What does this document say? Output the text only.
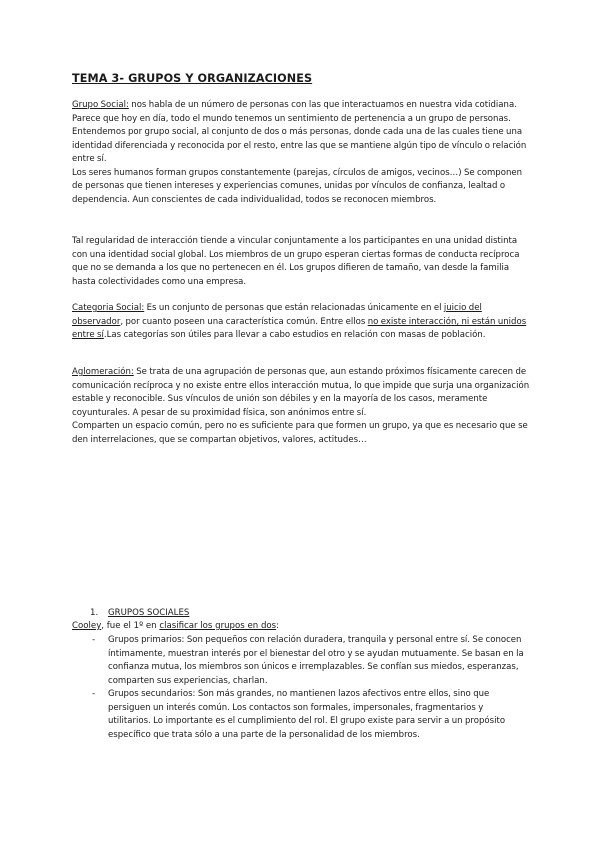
TEMA 3- GRUPOS Y ORGANIZACIONES

Grupo Social: nos habla de un número de personas con las que interactuamos en nuestra vida cotidiana. Parece que hoy en día, todo el mundo tenemos un sentimiento de pertenencia a un grupo de personas. Entendemos por grupo social, al conjunto de dos o más personas, donde cada una de las cuales tiene una identidad diferenciada y reconocida por el resto, entre las que se mantiene algún tipo de vínculo o relación entre sí.
Los seres humanos forman grupos constantemente (parejas, círculos de amigos, vecinos…) Se componen de personas que tienen intereses y experiencias comunes, unidas por vínculos de confianza, lealtad o dependencia. Aun conscientes de cada individualidad, todos se reconocen miembros.

Tal regularidad de interacción tiende a vincular conjuntamente a los participantes en una unidad distinta con una identidad social global. Los miembros de un grupo esperan ciertas formas de conducta recíproca que no se demanda a los que no pertenecen en él. Los grupos difieren de tamaño, van desde la familia hasta colectividades como una empresa.

Categoria Social: Es un conjunto de personas que están relacionadas únicamente en el juicio del observador, por cuanto poseen una característica común. Entre ellos no existe interacción, ni están unidos entre sí.Las categorías son útiles para llevar a cabo estudios en relación con masas de población.

Aglomeración: Se trata de una agrupación de personas que, aun estando próximos físicamente carecen de comunicación recíproca y no existe entre ellos interacción mutua, lo que impide que surja una organización estable y reconocible. Sus vínculos de unión son débiles y en la mayoría de los casos, meramente coyunturales. A pesar de su proximidad física, son anónimos entre sí.
Comparten un espacio común, pero no es suficiente para que formen un grupo, ya que es necesario que se den interrelaciones, que se compartan objetivos, valores, actitudes…

1. GRUPOS SOCIALES

Cooley, fue el 1º en clasificar los grupos en dos:

- Grupos primarios: Son pequeños con relación duradera, tranquila y personal entre sí. Se conocen íntimamente, muestran interés por el bienestar del otro y se ayudan mutuamente. Se basan en la confianza mutua, los miembros son únicos e irremplazables. Se confían sus miedos, esperanzas, comparten sus experiencias, charlan.

- Grupos secundarios: Son más grandes, no mantienen lazos afectivos entre ellos, sino que persiguen un interés común. Los contactos son formales, impersonales, fragmentarios y utilitarios. Lo importante es el cumplimiento del rol. El grupo existe para servir a un propósito específico que trata sólo a una parte de la personalidad de los miembros.
